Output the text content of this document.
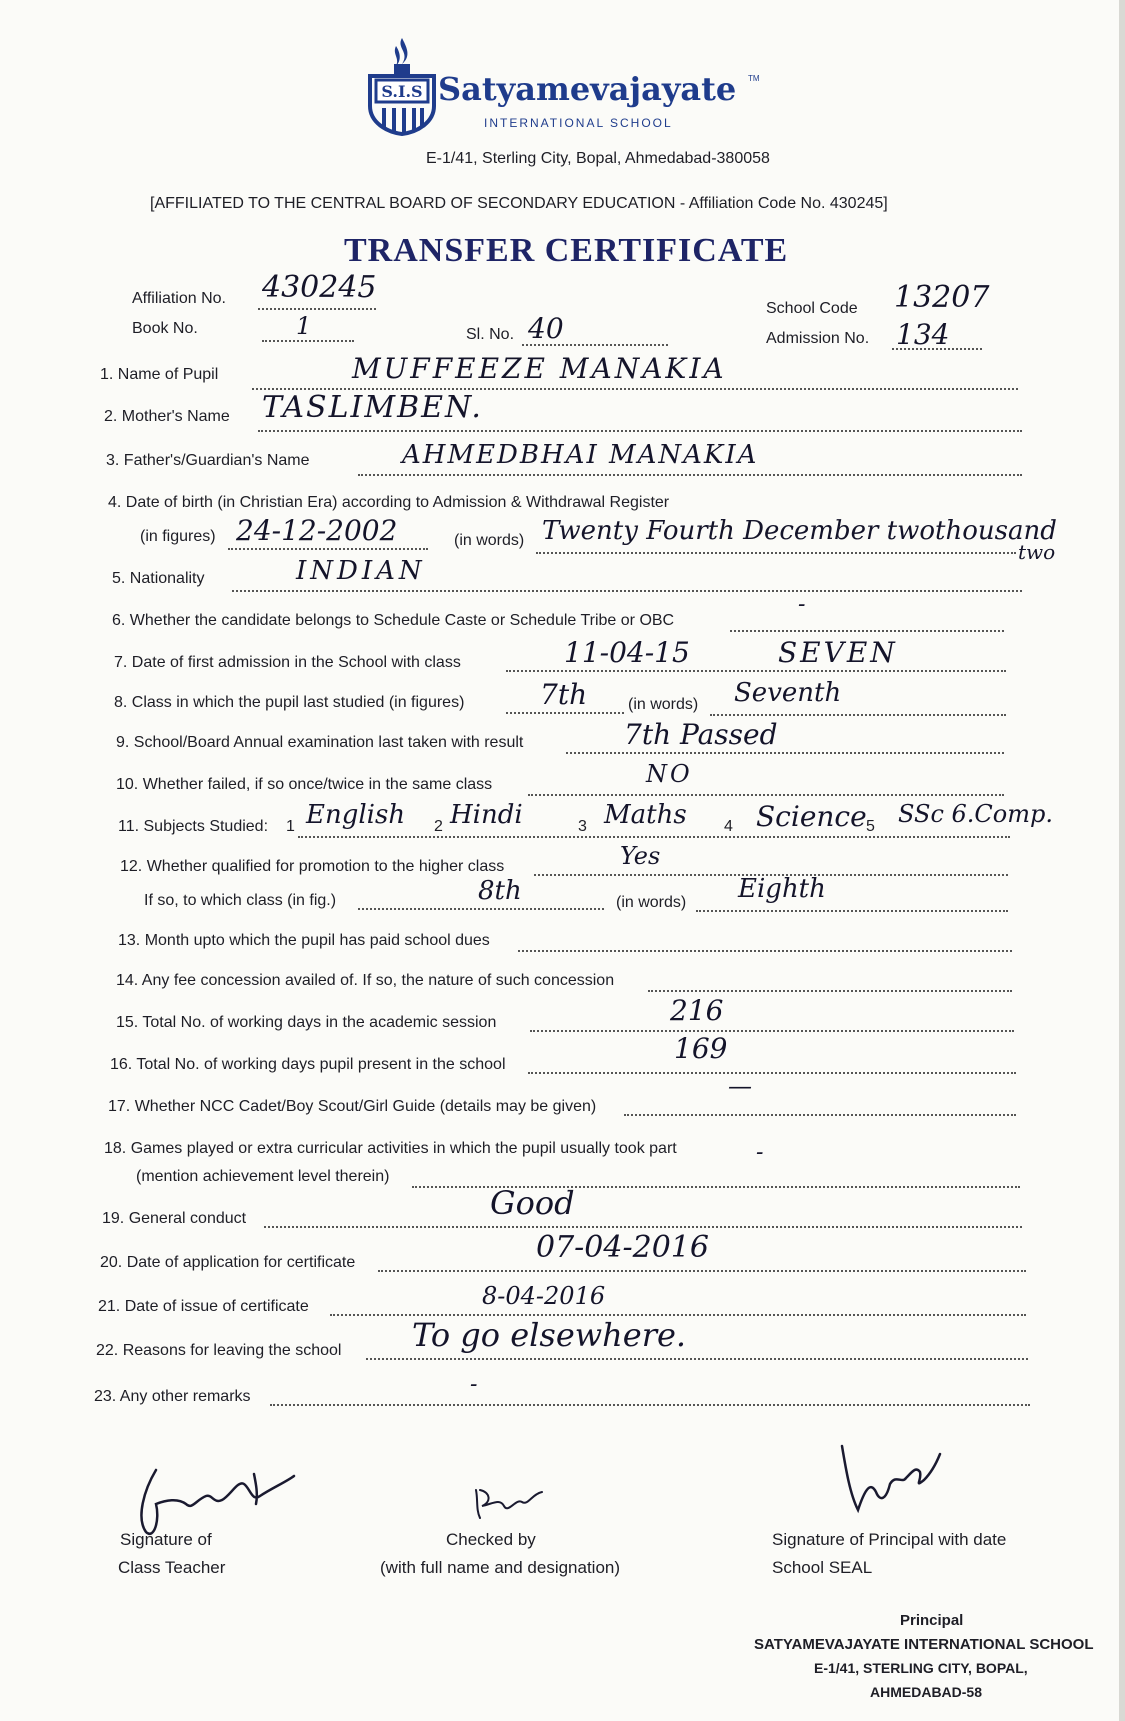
S.I.S Satyamevajayate TM
INTERNATIONAL SCHOOL
E-1/41, Sterling City, Bopal, Ahmedabad-380058
[AFFILIATED TO THE CENTRAL BOARD OF SECONDARY EDUCATION - Affiliation Code No. 430245]
TRANSFER CERTIFICATE
Affiliation No. 430245
Book No.	1	Sl. No. 40
School Code 13207
Admission No. 134
1. Name of Pupil	MUFFEEZE MANAKIA
2. Mother's Name TASLIMBEN.
3. Father's/Guardian's Name	AHMEDBHAI MANAKIA
4. Date of birth (in Christian Era) according to Admission & Withdrawal Register
(in figures) 24-12-2002	(in words) Twenty Fourth December twothousand
two
5. Nationality	INDIAN
6. Whether the candidate belongs to Schedule Caste or Schedule Tribe or OBC
-
7. Date of first admission in the School with class	11-04-15	SEVEN
8. Class in which the pupil last studied (in figures)	7th	(in words) Seventh
9. School/Board Annual examination last taken with result	7th Passed
10. Whether failed, if so once/twice in the same class	NO
11. Subjects Studied: 1 English 2 Hindi	3 Maths 4 Science 5 SSc 6.Comp.
12. Whether qualified for promotion to the higher class	Yes
If so, to which class (in fig.)	8th	(in words) Eighth
13. Month upto which the pupil has paid school dues
14. Any fee concession availed of. If so, the nature of such concession
15. Total No. of working days in the academic session	216
16. Total No. of working days pupil present in the school	169
17. Whether NCC Cadet/Boy Scout/Girl Guide (details may be given)
—
18. Games played or extra curricular activities in which the pupil usually took part	-
(mention achievement level therein)
19. General conduct	Good
20. Date of application for certificate	07-04-2016
21. Date of issue of certificate	8-04-2016
22. Reasons for leaving the school To go elsewhere.
23. Any other remarks	-
Signature of
Class Teacher
Checked by
(with full name and designation)
Signature of Principal with date
School SEAL
Principal
SATYAMEVAJAYATE INTERNATIONAL SCHOOL
E-1/41, STERLING CITY, BOPAL,
AHMEDABAD-58
